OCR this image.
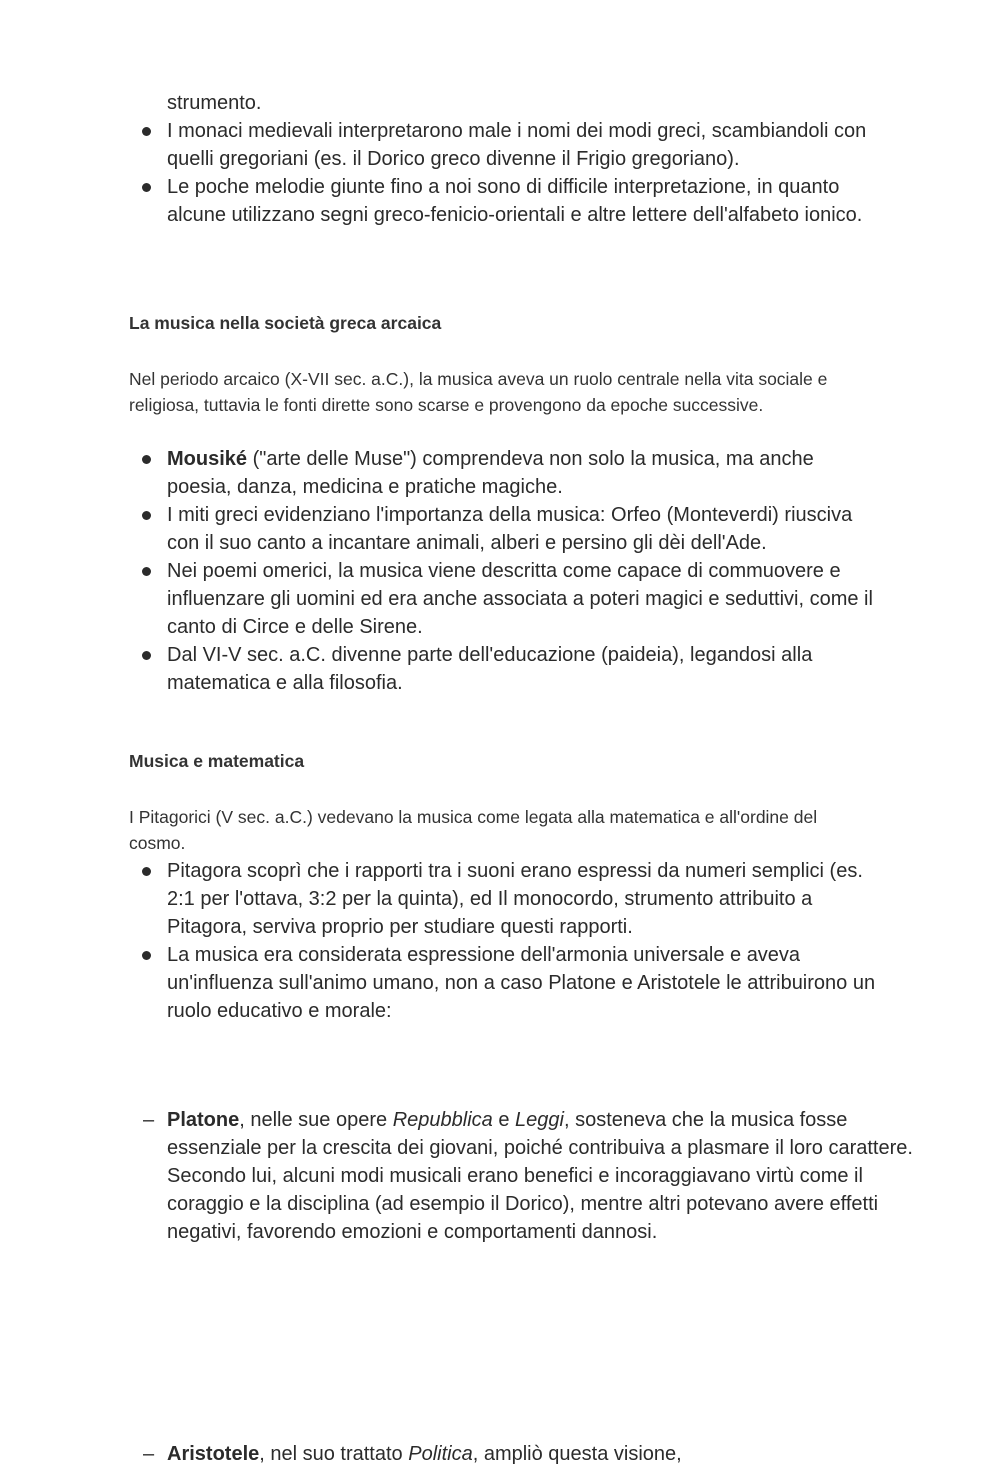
strumento.
I monaci medievali interpretarono male i nomi dei modi greci, scambiandoli con quelli gregoriani (es. il Dorico greco divenne il Frigio gregoriano).
Le poche melodie giunte fino a noi sono di difficile interpretazione, in quanto alcune utilizzano segni greco-fenicio-orientali e altre lettere dell'alfabeto ionico.
La musica nella società greca arcaica
Nel periodo arcaico (X-VII sec. a.C.), la musica aveva un ruolo centrale nella vita sociale e religiosa, tuttavia le fonti dirette sono scarse e provengono da epoche successive.
Mousiké ("arte delle Muse") comprendeva non solo la musica, ma anche poesia, danza, medicina e pratiche magiche.
I miti greci evidenziano l'importanza della musica: Orfeo (Monteverdi) riusciva con il suo canto a incantare animali, alberi e persino gli dèi dell'Ade.
Nei poemi omerici, la musica viene descritta come capace di commuovere e influenzare gli uomini ed era anche associata a poteri magici e seduttivi, come il canto di Circe e delle Sirene.
Dal VI-V sec. a.C. divenne parte dell'educazione (paideia), legandosi alla matematica e alla filosofia.
Musica e matematica
I Pitagorici (V sec. a.C.) vedevano la musica come legata alla matematica e all'ordine del cosmo.
Pitagora scoprì che i rapporti tra i suoni erano espressi da numeri semplici (es. 2:1 per l'ottava, 3:2 per la quinta), ed Il monocordo, strumento attribuito a Pitagora, serviva proprio per studiare questi rapporti.
La musica era considerata espressione dell'armonia universale e aveva un'influenza sull'animo umano, non a caso Platone e Aristotele le attribuirono un ruolo educativo e morale:
– Platone, nelle sue opere Repubblica e Leggi, sosteneva che la musica fosse essenziale per la crescita dei giovani, poiché contribuiva a plasmare il loro carattere. Secondo lui, alcuni modi musicali erano benefici e incoraggiavano virtù come il coraggio e la disciplina (ad esempio il Dorico), mentre altri potevano avere effetti negativi, favorendo emozioni e comportamenti dannosi.
– Aristotele, nel suo trattato Politica, ampliò questa visione,
